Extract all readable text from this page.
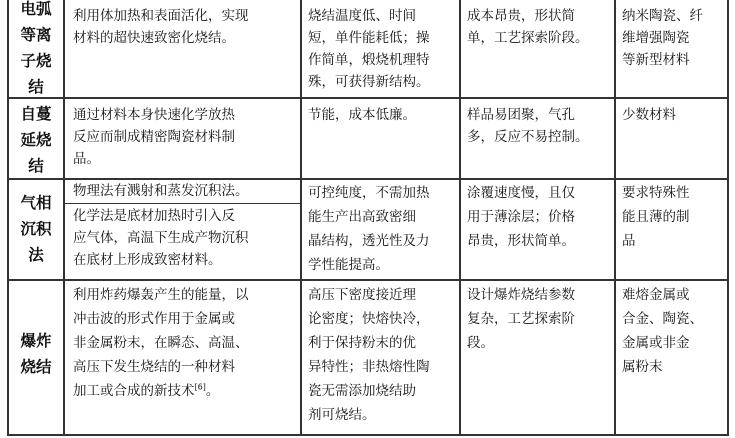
电弧
等离
子烧
结
利用体加热和表面活化，实现
材料的超快速致密化烧结。
烧结温度低、时间
短，单件能耗低；操
作简单，煅烧机理特
殊，可获得新结构。
成本昂贵，形状简
单，工艺探索阶段。
纳米陶瓷、纤
维增强陶瓷
等新型材料
自蔓
延烧
结
通过材料本身快速化学放热
反应而制成精密陶瓷材料制
品。
节能，成本低廉。	样品易团聚，气孔
多，反应不易控制。
少数材料
气相
沉积
法
物理法有溅射和蒸发沉积法。
化学法是底材加热时引入反
应气体，高温下生成产物沉积
在底材上形成致密材料。
可控纯度，不需加热
能生产出高致密细
晶结构，透光性及力
学性能提高。
涂覆速度慢，且仅
用于薄涂层；价格
昂贵，形状简单。
要求特殊性
能且薄的制
品
爆炸
烧结
利用炸药爆轰产生的能量，以
冲击波的形式作用于金属或
非金属粉末，在瞬态、高温、
高压下发生烧结的一种材料
加工或合成的新技术[6]。
高压下密度接近理
论密度；快熔快冷，
利于保持粉末的优
异特性；非热熔性陶
瓷无需添加烧结助
剂可烧结。
设计爆炸烧结参数
复杂，工艺探索阶
段。
难熔金属或
合金、陶瓷、
金属或非金
属粉末
